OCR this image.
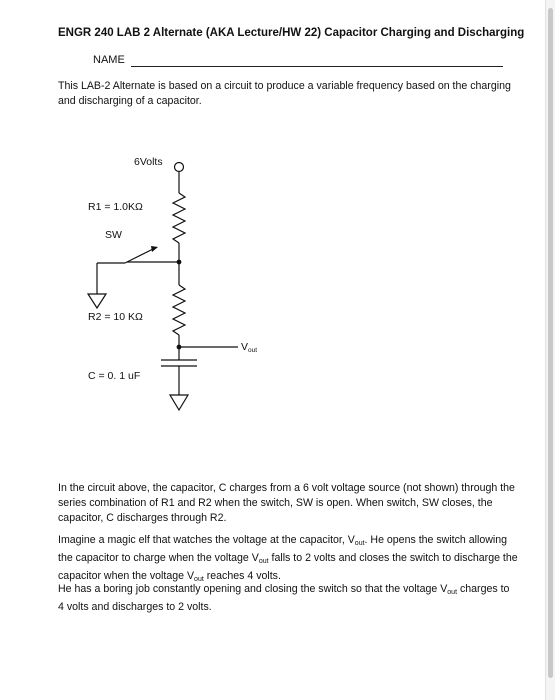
ENGR 240 LAB 2 Alternate (AKA Lecture/HW 22) Capacitor Charging and Discharging
NAME

This LAB-2 Alternate is based on a circuit to produce a variable frequency based on the charging and discharging of a capacitor.

6Volts
R1 = 1.0KΩ
SW
R2 = 10 KΩ
C = 0. 1 uF
Vout

In the circuit above, the capacitor, C charges from a 6 volt voltage source (not shown) through the series combination of R1 and R2 when the switch, SW is open. When switch, SW closes, the capacitor, C discharges through R2.

Imagine a magic elf that watches the voltage at the capacitor, $V_{out}$. He opens the switch allowing the capacitor to charge when the voltage $V_{out}$ falls to 2 volts and closes the switch to discharge the capacitor when the voltage $V_{out}$ reaches 4 volts.

He has a boring job constantly opening and closing the switch so that the voltage $V_{out}$ charges to 4 volts and discharges to 2 volts.
